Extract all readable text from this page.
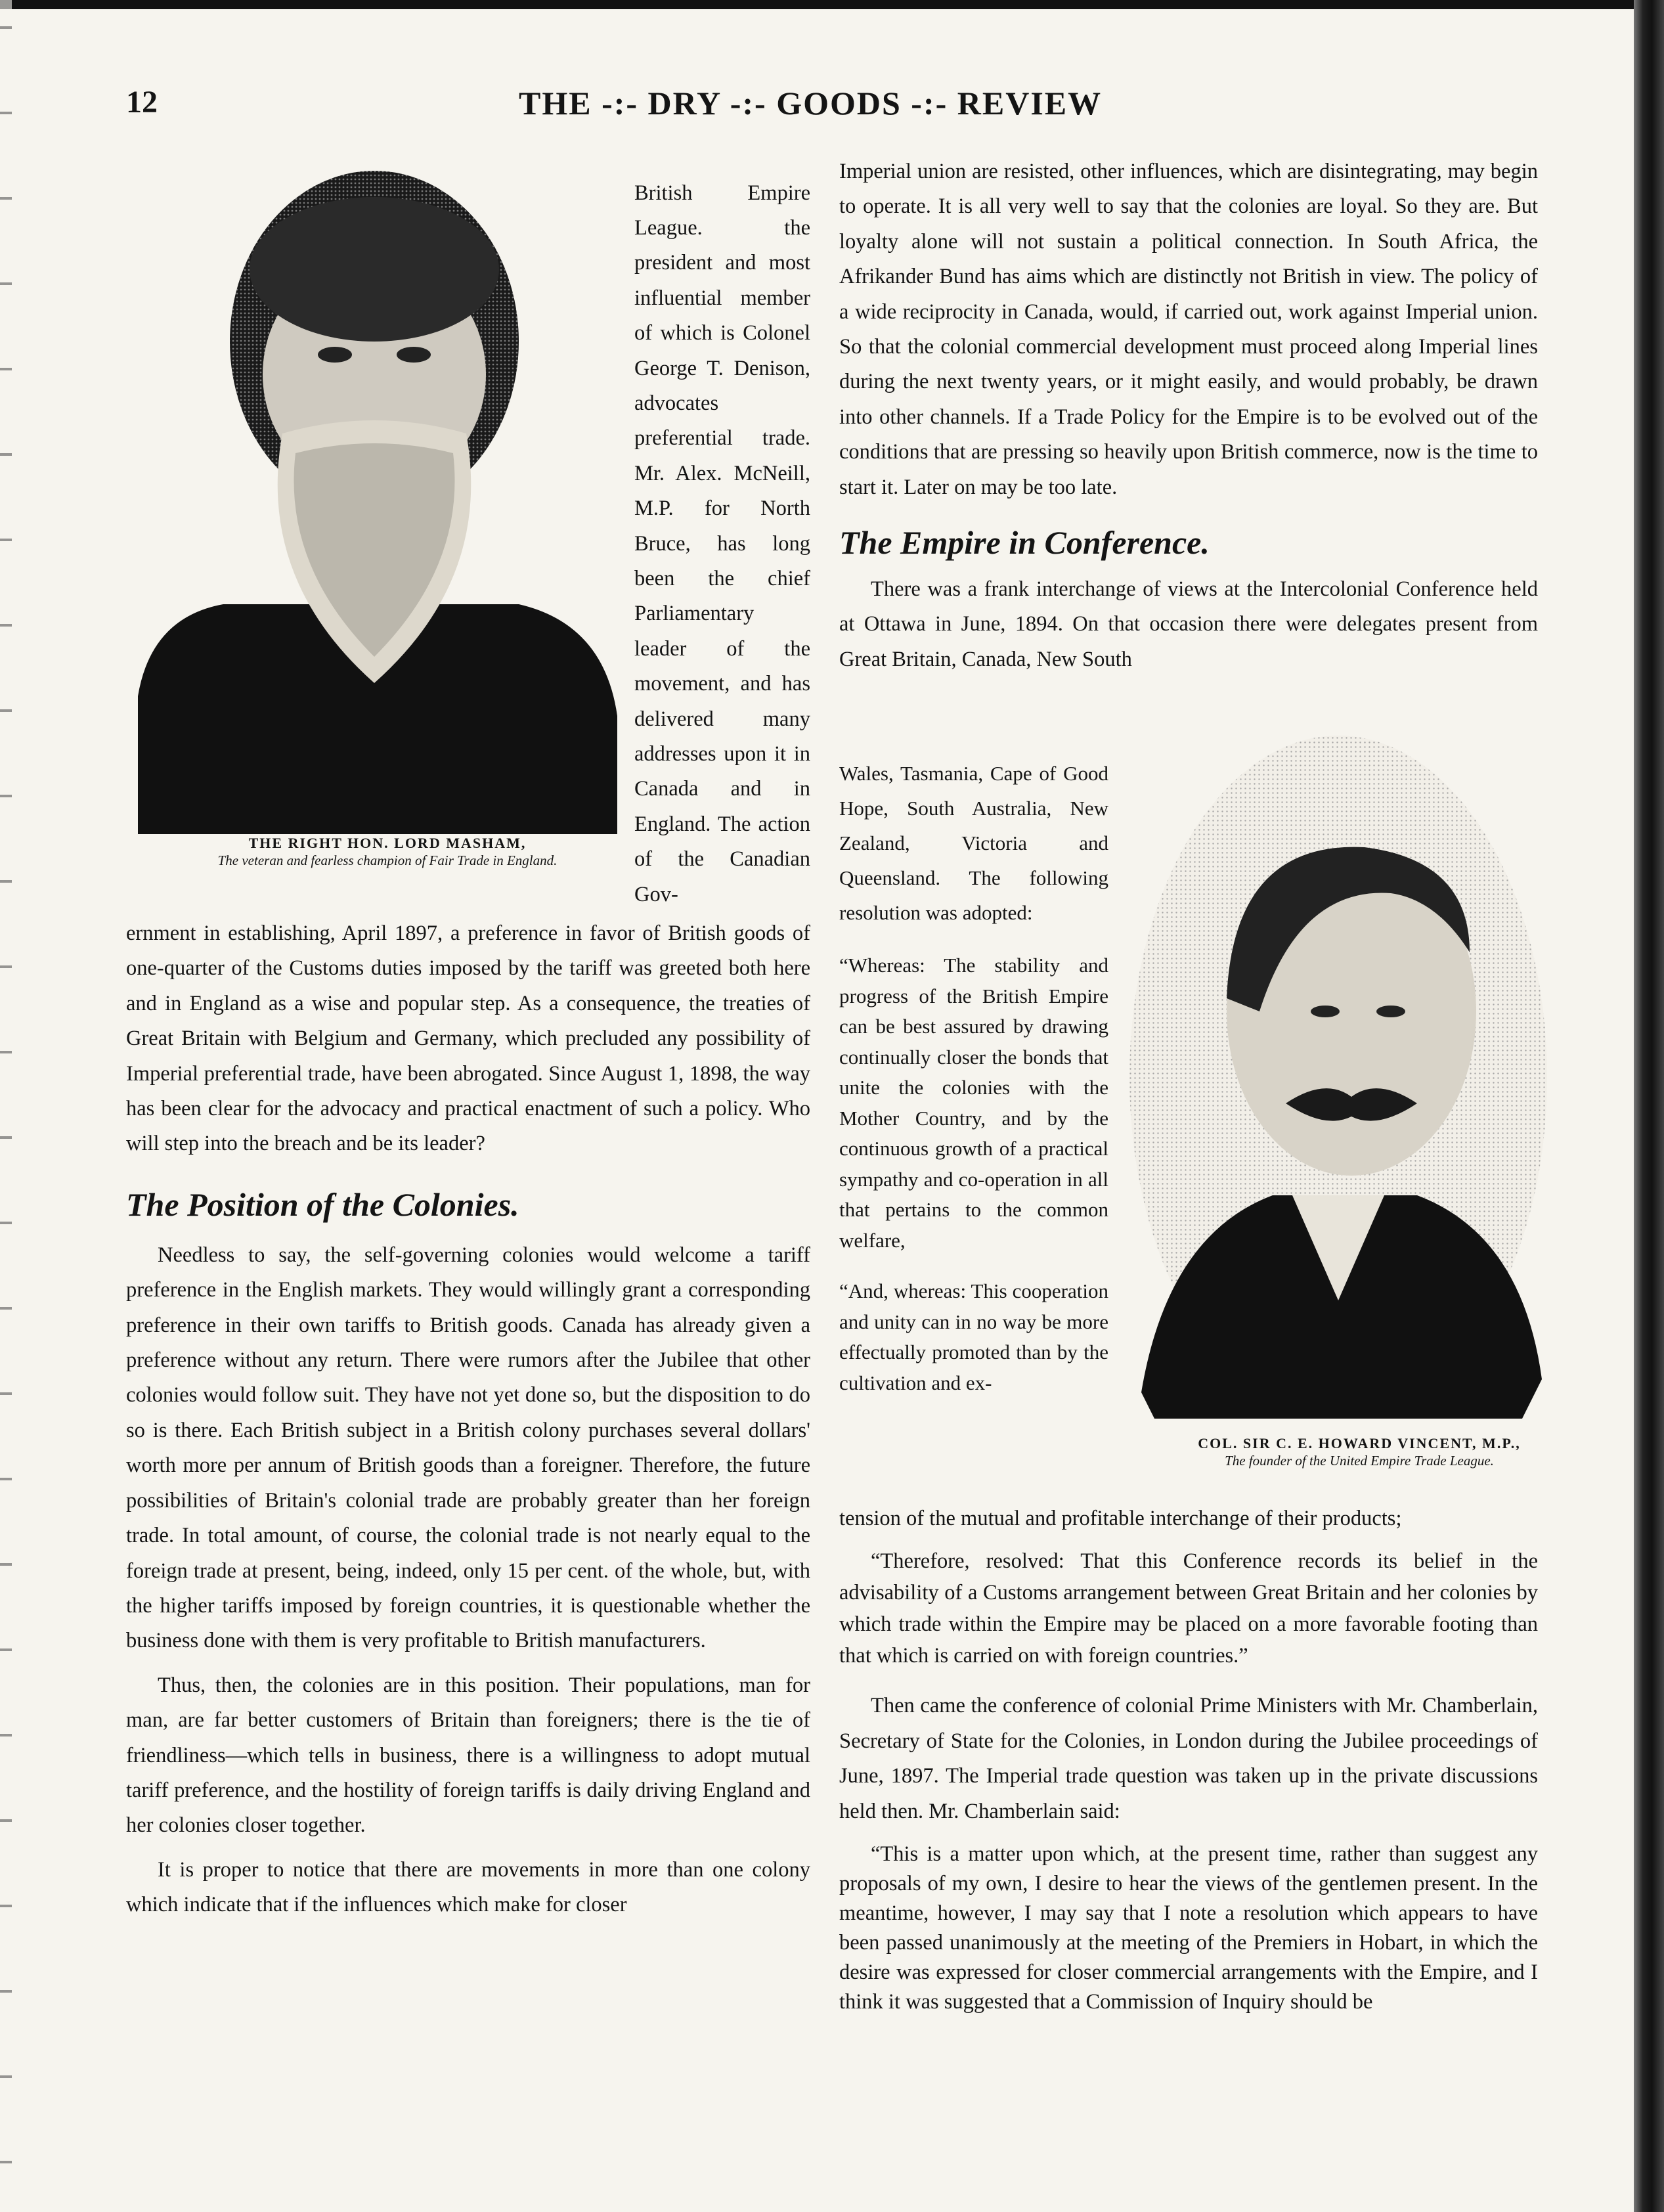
12	THE -:- DRY -:- GOODS -:- REVIEW
THE RIGHT HON. LORD MASHAM,
The veteran and fearless champion of Fair Trade in England.

British Empire League. the president and most influential member of which is Colonel George T. Denison, advocates preferential trade. Mr. Alex. McNeill, M.P. for North Bruce, has long been the chief Parliamentary leader of the movement, and has delivered many addresses upon it in Canada and in England. The action of the Canadian Gov-

ernment in establishing, April 1897, a preference in favor of British goods of one-quarter of the Customs duties imposed by the tariff was greeted both here and in England as a wise and popular step. As a consequence, the treaties of Great Britain with Belgium and Germany, which precluded any possibility of Imperial preferential trade, have been abrogated. Since August 1, 1898, the way has been clear for the advocacy and practical enactment of such a policy. Who will step into the breach and be its leader?

The Position of the Colonies.

Needless to say, the self-governing colonies would welcome a tariff preference in the English markets. They would willingly grant a corresponding preference in their own tariffs to British goods. Canada has already given a preference without any return. There were rumors after the Jubilee that other colonies would follow suit. They have not yet done so, but the disposition to do so is there. Each British subject in a British colony purchases several dollars' worth more per annum of British goods than a foreigner. Therefore, the future possibilities of Britain's colonial trade are probably greater than her foreign trade. In total amount, of course, the colonial trade is not nearly equal to the foreign trade at present, being, indeed, only 15 per cent. of the whole, but, with the higher tariffs imposed by foreign countries, it is questionable whether the business done with them is very profitable to British manufacturers.

Thus, then, the colonies are in this position. Their populations, man for man, are far better customers of Britain than foreigners; there is the tie of friendliness—which tells in business, there is a willingness to adopt mutual tariff preference, and the hostility of foreign tariffs is daily driving England and her colonies closer together.

It is proper to notice that there are movements in more than one colony which indicate that if the influences which make for closer

Imperial union are resisted, other influences, which are disintegrating, may begin to operate. It is all very well to say that the colonies are loyal. So they are. But loyalty alone will not sustain a political connection. In South Africa, the Afrikander Bund has aims which are distinctly not British in view. The policy of a wide reciprocity in Canada, would, if carried out, work against Imperial union. So that the colonial commercial development must proceed along Imperial lines during the next twenty years, or it might easily, and would probably, be drawn into other channels. If a Trade Policy for the Empire is to be evolved out of the conditions that are pressing so heavily upon British commerce, now is the time to start it. Later on may be too late.

The Empire in Conference.

There was a frank interchange of views at the Intercolonial Conference held at Ottawa in June, 1894. On that occasion there were delegates present from Great Britain, Canada, New South

Wales, Tasmania, Cape of Good Hope, South Australia, New Zealand, Victoria and Queensland. The following resolution was adopted:

“Whereas: The stability and progress of the British Empire can be best assured by drawing continually closer the bonds that unite the colonies with the Mother Country, and by the continuous growth of a practical sympathy and co-operation in all that pertains to the common welfare,

“And, whereas: This cooperation and unity can in no way be more effectually promoted than by the cultivation and ex-

COL. SIR C. E. HOWARD VINCENT, M.P.,
The founder of the United Empire Trade League.

tension of the mutual and profitable interchange of their products;

“Therefore, resolved: That this Conference records its belief in the advisability of a Customs arrangement between Great Britain and her colonies by which trade within the Empire may be placed on a more favorable footing than that which is carried on with foreign countries.”

Then came the conference of colonial Prime Ministers with Mr. Chamberlain, Secretary of State for the Colonies, in London during the Jubilee proceedings of June, 1897. The Imperial trade question was taken up in the private discussions held then. Mr. Chamberlain said:

“This is a matter upon which, at the present time, rather than suggest any proposals of my own, I desire to hear the views of the gentlemen present. In the meantime, however, I may say that I note a resolution which appears to have been passed unanimously at the meeting of the Premiers in Hobart, in which the desire was expressed for closer commercial arrangements with the Empire, and I think it was suggested that a Commission of Inquiry should be
